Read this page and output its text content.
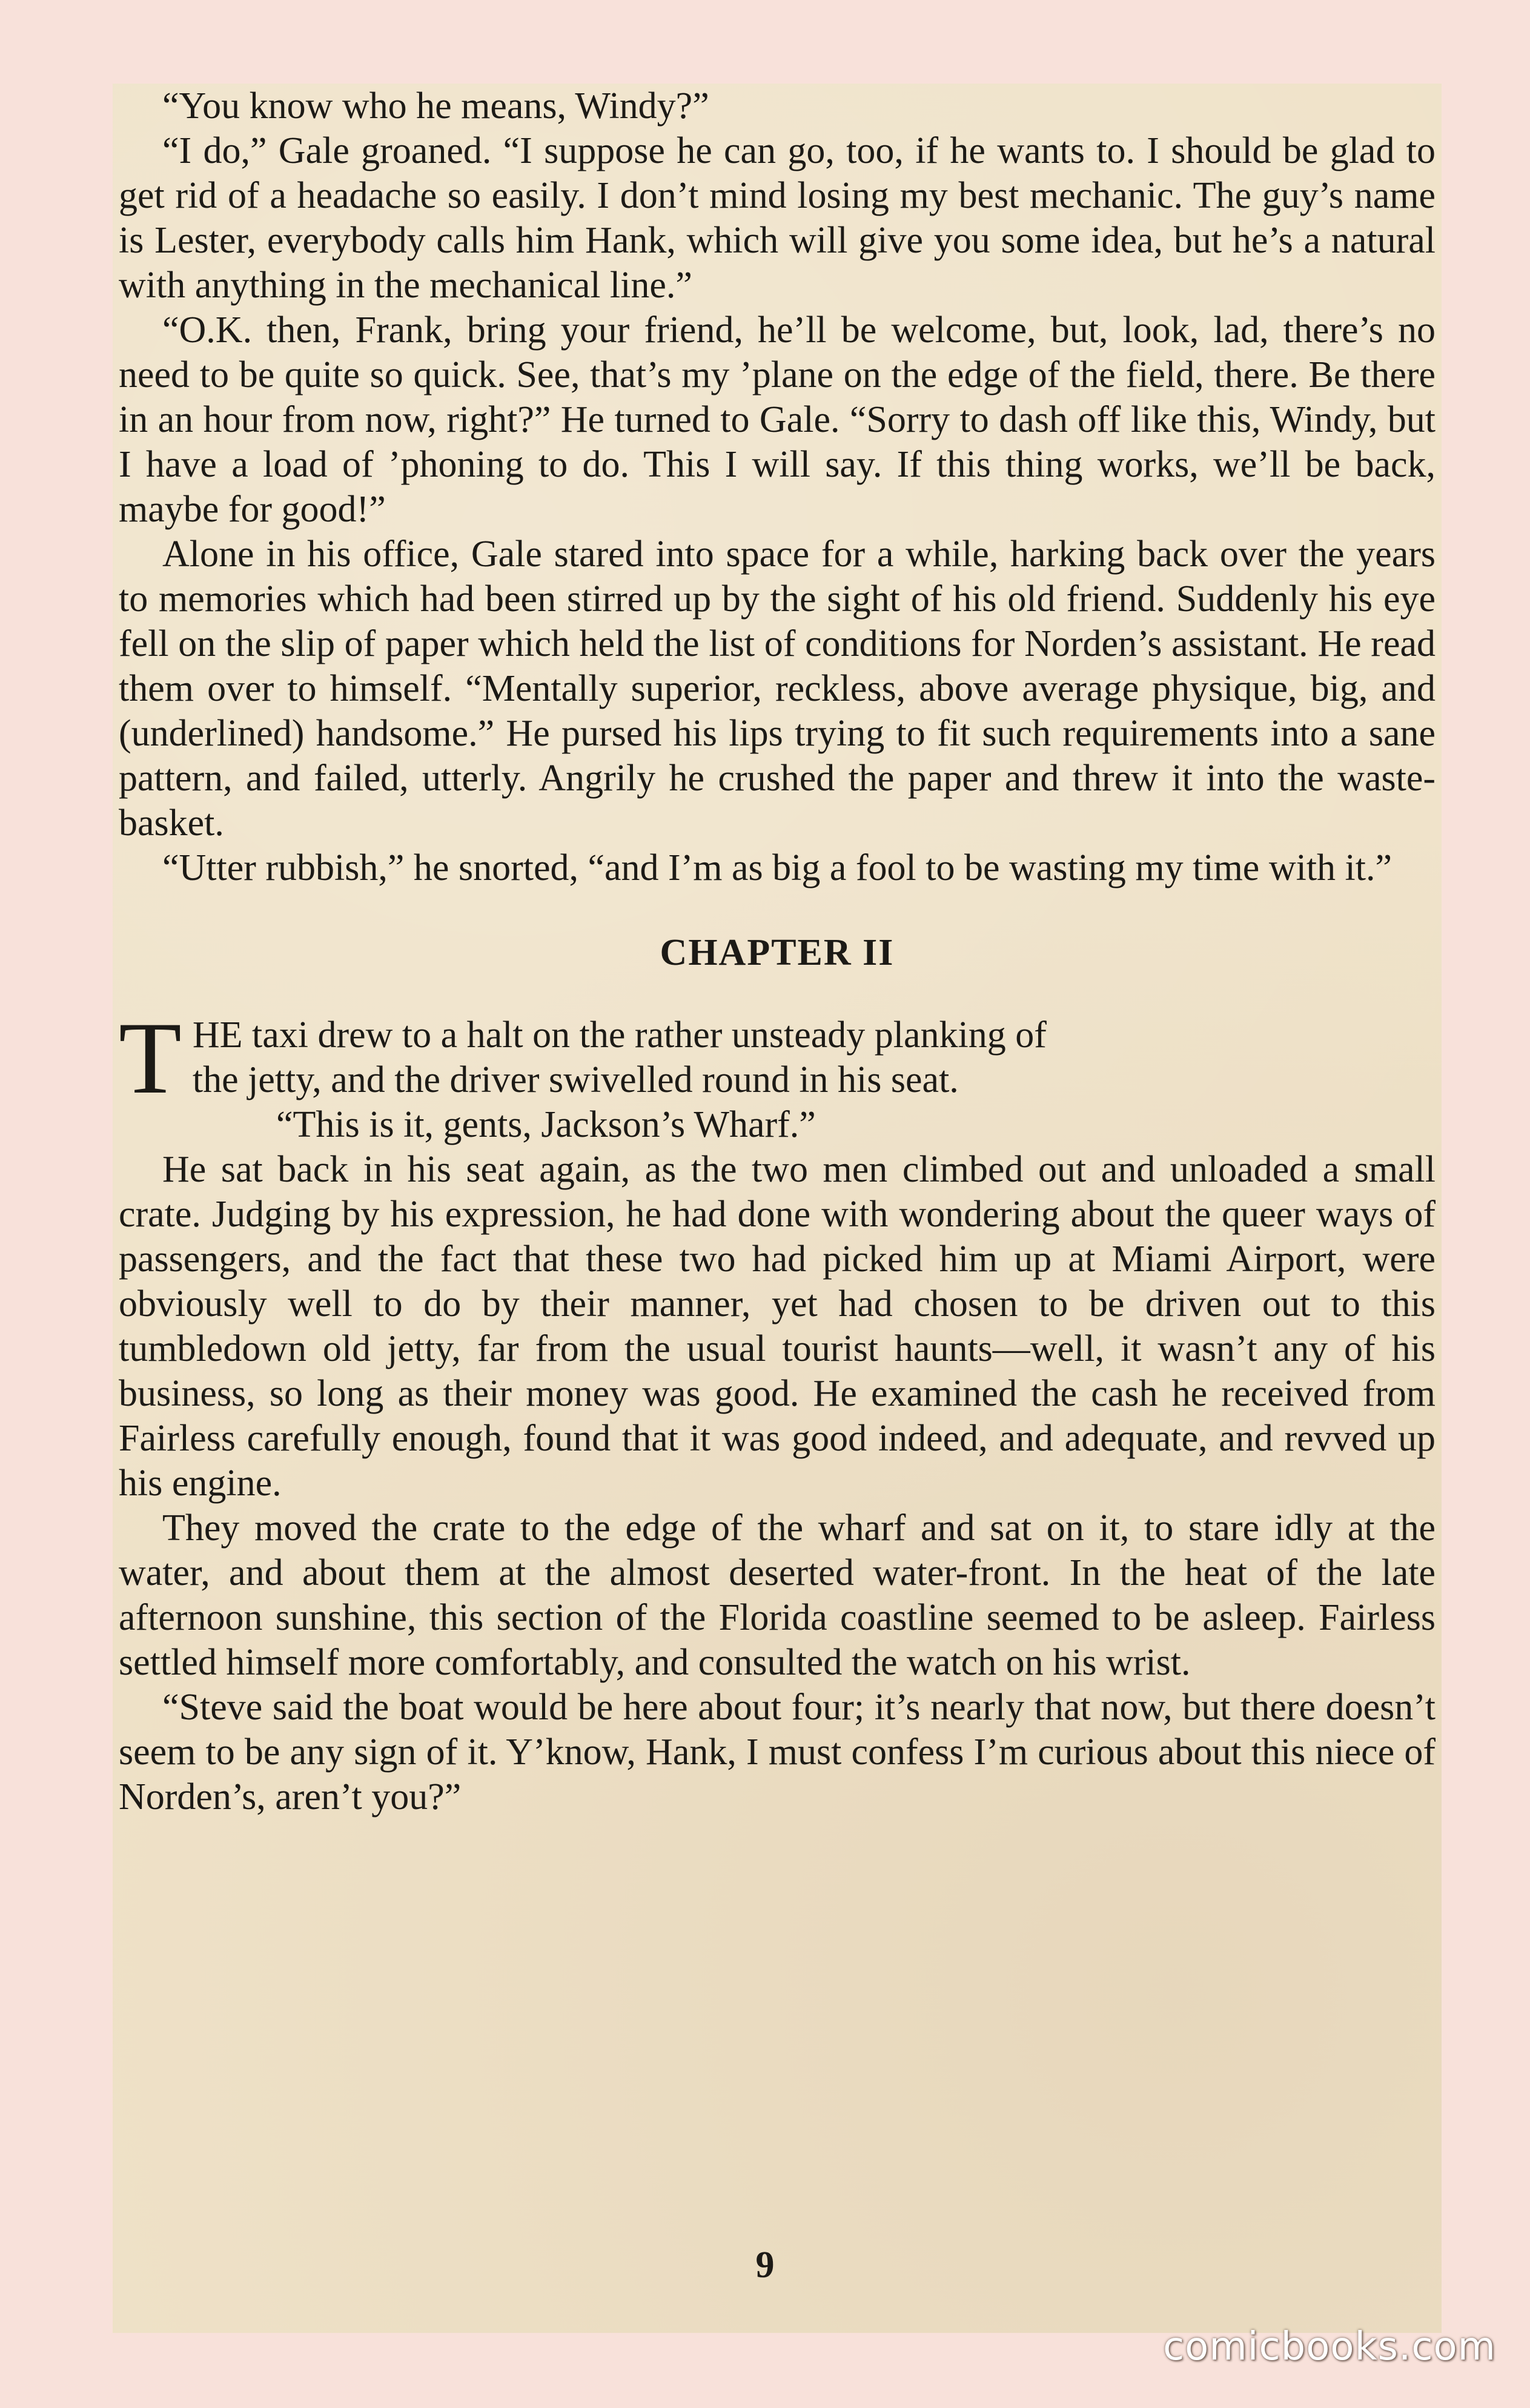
“You know who he means, Windy?”

“I do,” Gale groaned. “I suppose he can go, too, if he wants to. I should be glad to get rid of a headache so easily. I don’t mind losing my best mechanic. The guy’s name is Lester, everybody calls him Hank, which will give you some idea, but he’s a natural with anything in the mechanical line.”

“O.K. then, Frank, bring your friend, he’ll be welcome, but, look, lad, there’s no need to be quite so quick. See, that’s my ’plane on the edge of the field, there. Be there in an hour from now, right?” He turned to Gale. “Sorry to dash off like this, Windy, but I have a load of ’phoning to do. This I will say. If this thing works, we’ll be back, maybe for good!”

Alone in his office, Gale stared into space for a while, harking back over the years to memories which had been stirred up by the sight of his old friend. Suddenly his eye fell on the slip of paper which held the list of conditions for Norden’s assistant. He read them over to himself. “Mentally superior, reckless, above average physique, big, and (underlined) handsome.” He pursed his lips trying to fit such requirements into a sane pattern, and failed, utterly. Angrily he crushed the paper and threw it into the waste-basket.

“Utter rubbish,” he snorted, “and I’m as big a fool to be wasting my time with it.”

CHAPTER II
T HE taxi drew to a halt on the rather unsteady planking of
the jetty, and the driver swivelled round in his seat.
“This is it, gents, Jackson’s Wharf.”

He sat back in his seat again, as the two men climbed out and unloaded a small crate. Judging by his expression, he had done with wondering about the queer ways of passengers, and the fact that these two had picked him up at Miami Airport, were obviously well to do by their manner, yet had chosen to be driven out to this tumbledown old jetty, far from the usual tourist haunts—well, it wasn’t any of his business, so long as their money was good. He examined the cash he received from Fairless carefully enough, found that it was good indeed, and adequate, and revved up his engine.

They moved the crate to the edge of the wharf and sat on it, to stare idly at the water, and about them at the almost deserted water-front. In the heat of the late afternoon sunshine, this section of the Florida coastline seemed to be asleep. Fairless settled himself more comfortably, and consulted the watch on his wrist.

“Steve said the boat would be here about four; it’s nearly that now, but there doesn’t seem to be any sign of it. Y’know, Hank, I must confess I’m curious about this niece of Norden’s, aren’t you?”

9
comicbooks.com
